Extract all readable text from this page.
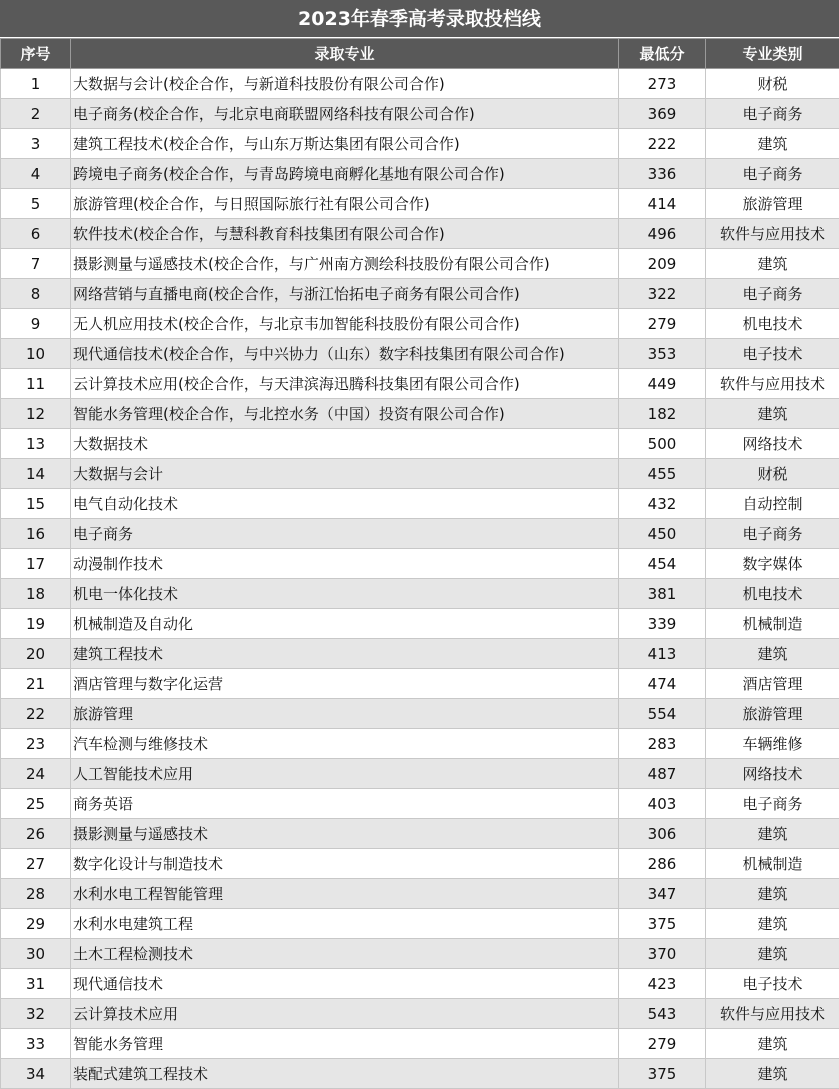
2023年春季高考录取投档线
序号	录取专业	最低分	专业类别
1	大数据与会计(校企合作，与新道科技股份有限公司合作)	273	财税
2	电子商务(校企合作，与北京电商联盟网络科技有限公司合作)	369	电子商务
3	建筑工程技术(校企合作，与山东万斯达集团有限公司合作)	222	建筑
4	跨境电子商务(校企合作，与青岛跨境电商孵化基地有限公司合作)	336	电子商务
5	旅游管理(校企合作，与日照国际旅行社有限公司合作)	414	旅游管理
6	软件技术(校企合作，与慧科教育科技集团有限公司合作)	496	软件与应用技术
7	摄影测量与遥感技术(校企合作，与广州南方测绘科技股份有限公司合作)	209	建筑
8	网络营销与直播电商(校企合作，与浙江怡拓电子商务有限公司合作)	322	电子商务
9	无人机应用技术(校企合作，与北京韦加智能科技股份有限公司合作)	279	机电技术
10	现代通信技术(校企合作，与中兴协力（山东）数字科技集团有限公司合作)	353	电子技术
11	云计算技术应用(校企合作，与天津滨海迅腾科技集团有限公司合作)	449	软件与应用技术
12	智能水务管理(校企合作，与北控水务（中国）投资有限公司合作)	182	建筑
13	大数据技术	500	网络技术
14	大数据与会计	455	财税
15	电气自动化技术	432	自动控制
16	电子商务	450	电子商务
17	动漫制作技术	454	数字媒体
18	机电一体化技术	381	机电技术
19	机械制造及自动化	339	机械制造
20	建筑工程技术	413	建筑
21	酒店管理与数字化运营	474	酒店管理
22	旅游管理	554	旅游管理
23	汽车检测与维修技术	283	车辆维修
24	人工智能技术应用	487	网络技术
25	商务英语	403	电子商务
26	摄影测量与遥感技术	306	建筑
27	数字化设计与制造技术	286	机械制造
28	水利水电工程智能管理	347	建筑
29	水利水电建筑工程	375	建筑
30	土木工程检测技术	370	建筑
31	现代通信技术	423	电子技术
32	云计算技术应用	543	软件与应用技术
33	智能水务管理	279	建筑
34	装配式建筑工程技术	375	建筑
